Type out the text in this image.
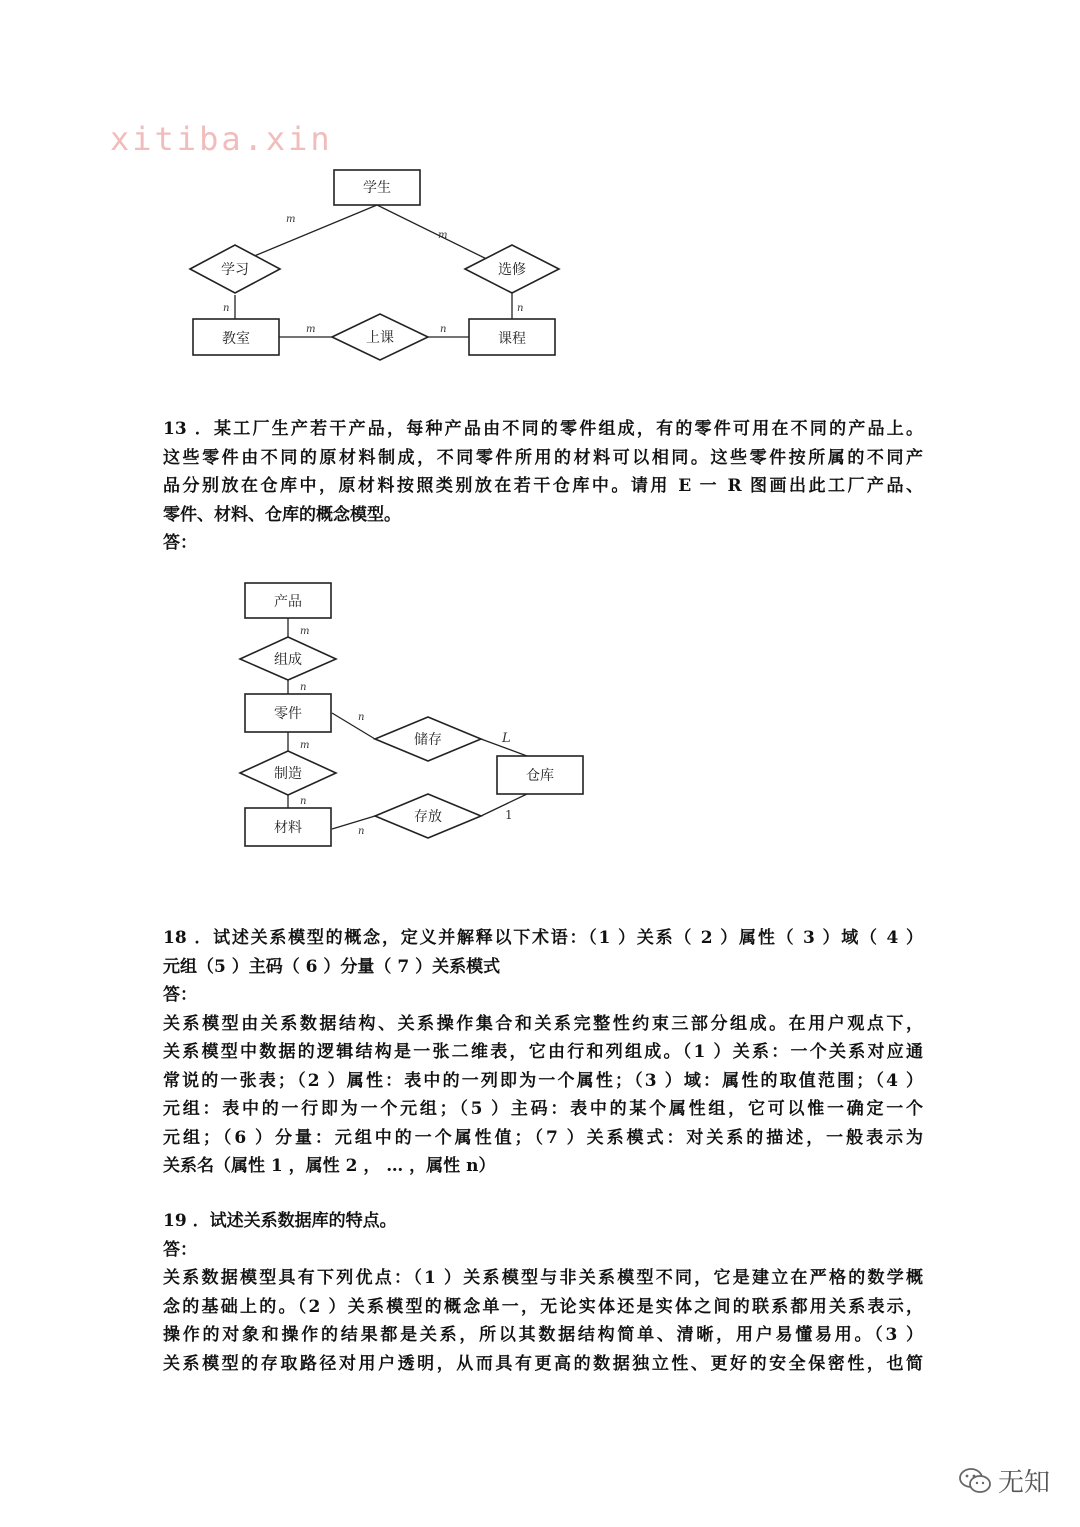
xitiba.xin
学生
学习	选修
上课
教室	课程
m
m
n	n
m	n
13 ．某工厂生产若干产品，每种产品由不同的零件组成，有的零件可用在不同的产品上。
这些零件由不同的原材料制成，不同零件所用的材料可以相同。这些零件按所属的不同产
品分别放在仓库中，原材料按照类别放在若干仓库中。请用 E 一 R 图画出此工厂产品、
零件、材料、仓库的概念模型。
答：
产品
组成
零件
制造
材料
储存
存放
仓库
m
n
m
n
n
L
n
1
18 ．试述关系模型的概念，定义并解释以下术语：（1 ）关系（ 2 ）属性（ 3 ）域（ 4 ）
元组（5 ）主码（ 6 ）分量（ 7 ）关系模式
答：
关系模型由关系数据结构、关系操作集合和关系完整性约束三部分组成。在用户观点下，
关系模型中数据的逻辑结构是一张二维表，它由行和列组成。（1 ）关系：一个关系对应通
常说的一张表；（2 ）属性：表中的一列即为一个属性；（3 ）域：属性的取值范围；（4 ）
元组：表中的一行即为一个元组；（5 ）主码：表中的某个属性组，它可以惟一确定一个
元组；（6 ）分量：元组中的一个属性值；（7 ）关系模式：对关系的描述，一般表示为
关系名（属性 1 ，属性 2 ， … ，属性 n）
19 ．试述关系数据库的特点。
答：
关系数据模型具有下列优点：（1 ）关系模型与非关系模型不同，它是建立在严格的数学概
念的基础上的。（2 ）关系模型的概念单一，无论实体还是实体之间的联系都用关系表示，
操作的对象和操作的结果都是关系，所以其数据结构简单、清晰，用户易懂易用。（3 ）
关系模型的存取路径对用户透明，从而具有更高的数据独立性、更好的安全保密性，也简
无知
